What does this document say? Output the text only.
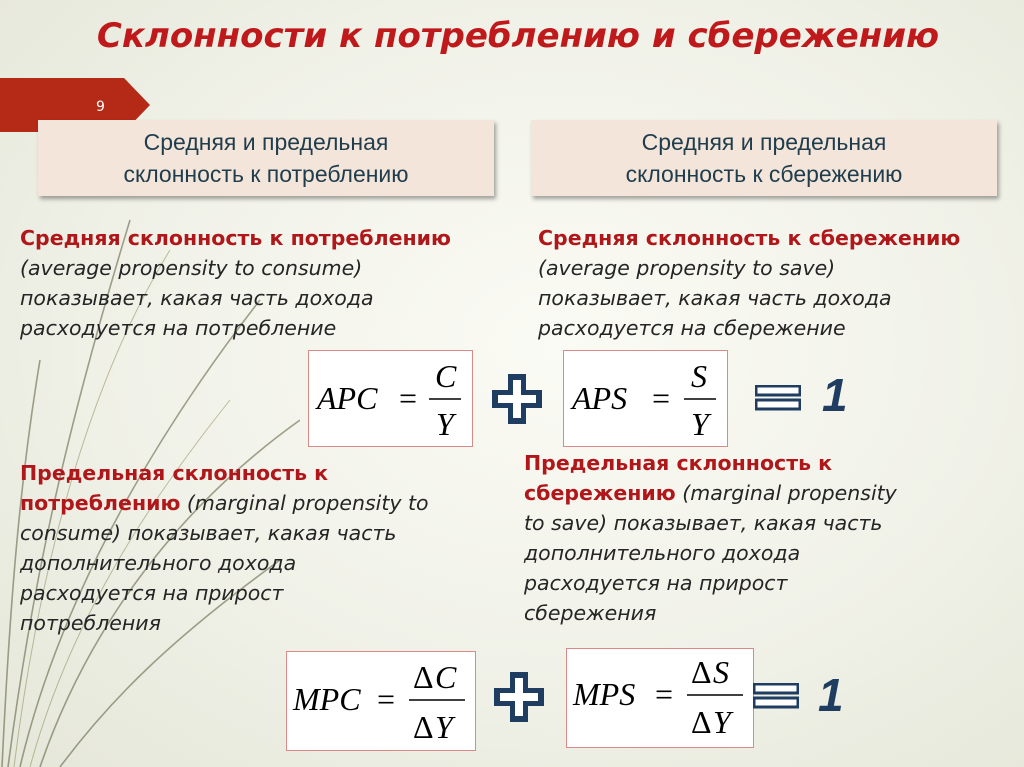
Склонности к потреблению и сбережению
9
Средняя и предельная
склонность к потреблению
Средняя и предельная
склонность к сбережению
Средняя склонность к потреблению
(average propensity to consume)
показывает, какая часть дохода
расходуется на потребление
Средняя склонность к сбережению
(average propensity to save)
показывает, какая часть дохода
расходуется на сбережение
APC =
C
Y
APS =
S
Y
1
Предельная склонность к
потреблению (marginal propensity to
consume) показывает, какая часть
дополнительного дохода
расходуется на прирост
потребления
Предельная склонность к
сбережению (marginal propensity
to save) показывает, какая часть
дополнительного дохода
расходуется на прирост
сбережения
MPC =
Δ C
Δ Y
MPS =
Δ S
Δ Y
1
